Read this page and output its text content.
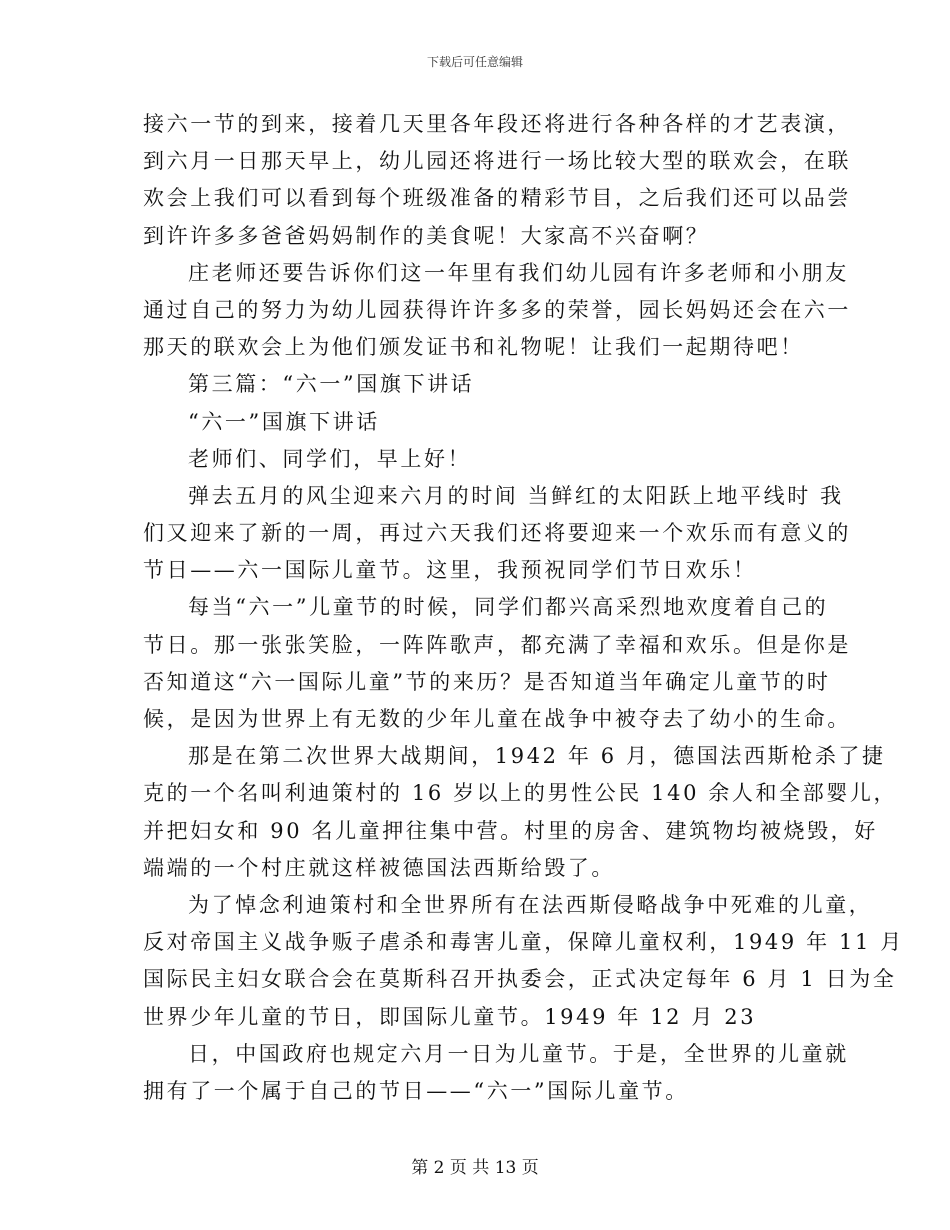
下载后可任意编辑
接六一节的到来，接着几天里各年段还将进行各种各样的才艺表演，
到六月一日那天早上，幼儿园还将进行一场比较大型的联欢会，在联
欢会上我们可以看到每个班级准备的精彩节目，之后我们还可以品尝
到许许多多爸爸妈妈制作的美食呢！大家高不兴奋啊？
庄老师还要告诉你们这一年里有我们幼儿园有许多老师和小朋友
通过自己的努力为幼儿园获得许许多多的荣誉，园长妈妈还会在六一
那天的联欢会上为他们颁发证书和礼物呢！让我们一起期待吧！
第三篇：“六一”国旗下讲话
“六一”国旗下讲话
老师们、同学们，早上好！
弹去五月的风尘迎来六月的时间 当鲜红的太阳跃上地平线时 我
们又迎来了新的一周，再过六天我们还将要迎来一个欢乐而有意义的
节日——六一国际儿童节。这里，我预祝同学们节日欢乐！
每当“六一”儿童节的时候，同学们都兴高采烈地欢度着自己的
节日。那一张张笑脸，一阵阵歌声，都充满了幸福和欢乐。但是你是
否知道这“六一国际儿童”节的来历？是否知道当年确定儿童节的时
候，是因为世界上有无数的少年儿童在战争中被夺去了幼小的生命。
那是在第二次世界大战期间，1942 年 6 月，德国法西斯枪杀了捷
克的一个名叫利迪策村的 16 岁以上的男性公民 140 余人和全部婴儿，
并把妇女和 90 名儿童押往集中营。村里的房舍、建筑物均被烧毁，好
端端的一个村庄就这样被德国法西斯给毁了。
为了悼念利迪策村和全世界所有在法西斯侵略战争中死难的儿童，
反对帝国主义战争贩子虐杀和毒害儿童，保障儿童权利，1949 年 11 月
国际民主妇女联合会在莫斯科召开执委会，正式决定每年 6 月 1 日为全
世界少年儿童的节日，即国际儿童节。1949 年 12 月 23
日，中国政府也规定六月一日为儿童节。于是，全世界的儿童就
拥有了一个属于自己的节日——“六一”国际儿童节。
第 2 页 共 13 页
